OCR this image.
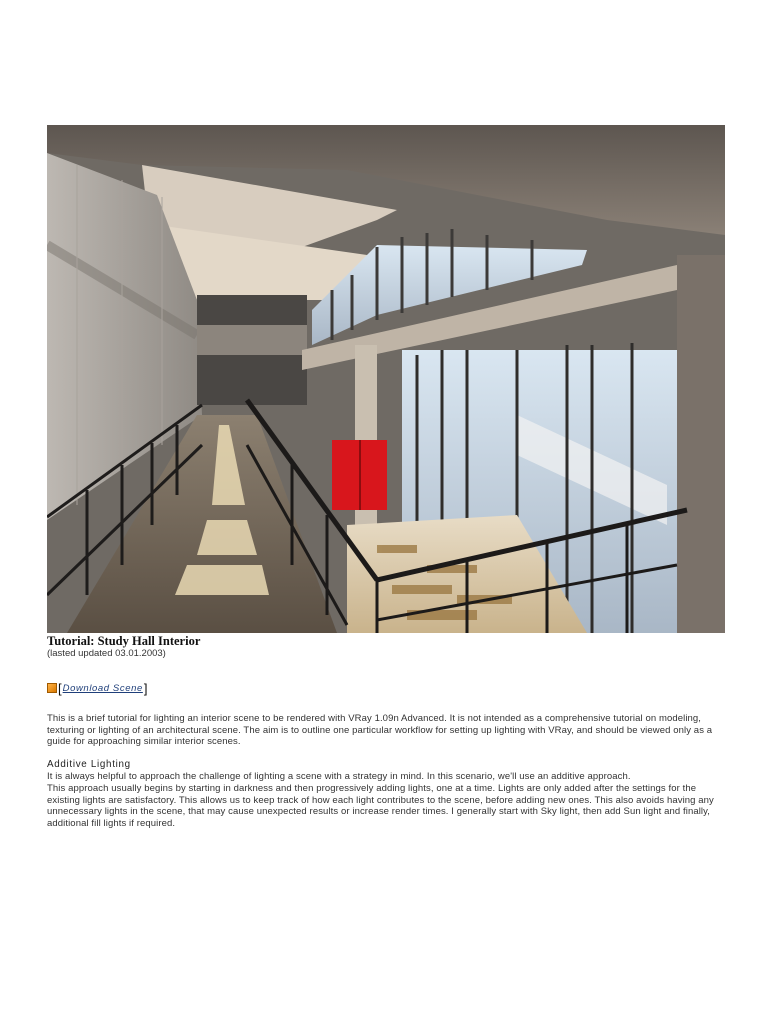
Tutorial: Study Hall Interior
(lasted updated 03.01.2003)
[ Download Scene ]

This is a brief tutorial for lighting an interior scene to be rendered with VRay 1.09n Advanced. It is not intended as a comprehensive tutorial on modeling, texturing or lighting of an architectural scene. The aim is to outline one particular workflow for setting up lighting with VRay, and should be viewed only as a guide for approaching similar interior scenes.

Additive Lighting

It is always helpful to approach the challenge of lighting a scene with a strategy in mind. In this scenario, we'll use an additive approach.

This approach usually begins by starting in darkness and then progressively adding lights, one at a time. Lights are only added after the settings for the existing lights are satisfactory. This allows us to keep track of how each light contributes to the scene, before adding new ones. This also avoids having any unnecessary lights in the scene, that may cause unexpected results or increase render times. I generally start with Sky light, then add Sun light and finally, additional fill lights if required.
